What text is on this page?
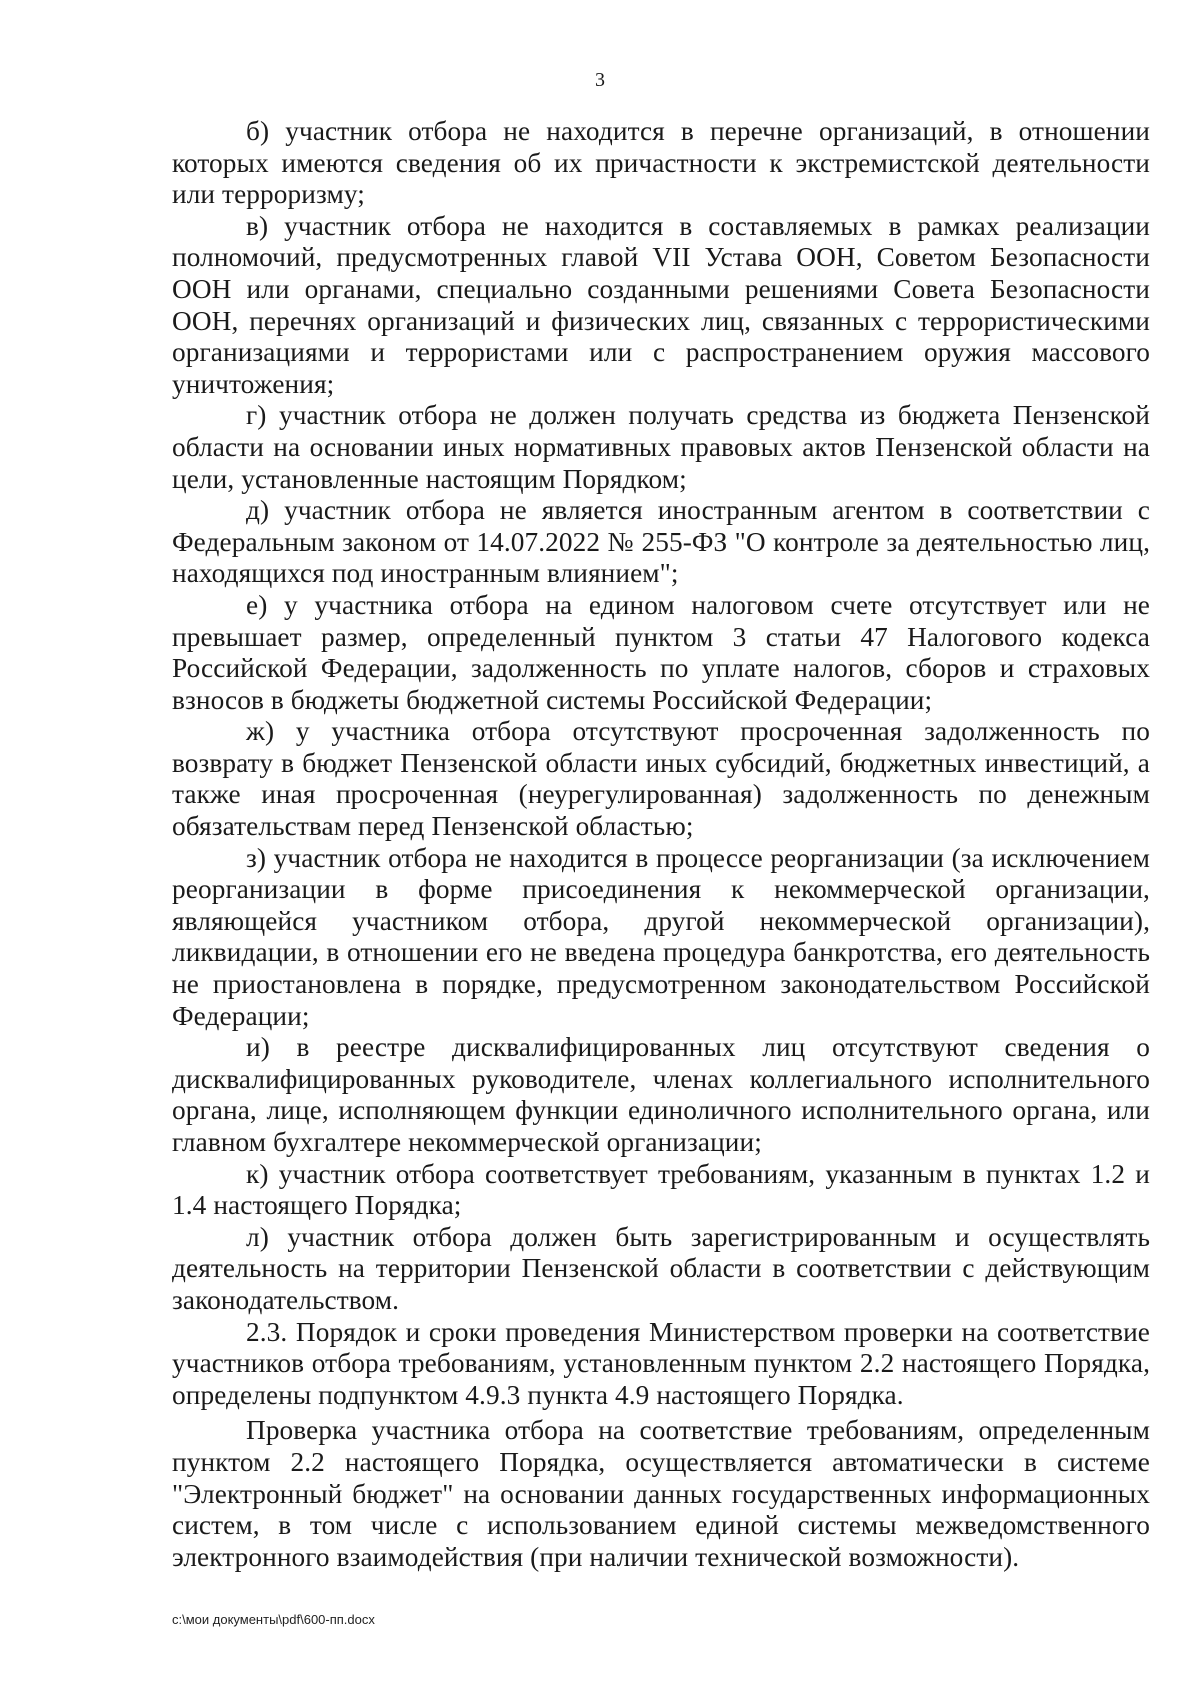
3

б) участник отбора не находится в перечне организаций, в отношении которых имеются сведения об их причастности к экстремистской деятельности или терроризму;

в) участник отбора не находится в составляемых в рамках реализации полномочий, предусмотренных главой VII Устава ООН, Советом Безопасности ООН или органами, специально созданными решениями Совета Безопасности ООН, перечнях организаций и физических лиц, связанных с террористическими организациями и террористами или с распространением оружия массового уничтожения;

г) участник отбора не должен получать средства из бюджета Пензенской области на основании иных нормативных правовых актов Пензенской области на цели, установленные настоящим Порядком;

д) участник отбора не является иностранным агентом в соответствии с Федеральным законом от 14.07.2022 № 255-ФЗ "О контроле за деятельностью лиц, находящихся под иностранным влиянием";

е) у участника отбора на едином налоговом счете отсутствует или не превышает размер, определенный пунктом 3 статьи 47 Налогового кодекса Российской Федерации, задолженность по уплате налогов, сборов и страховых взносов в бюджеты бюджетной системы Российской Федерации;

ж) у участника отбора отсутствуют просроченная задолженность по возврату в бюджет Пензенской области иных субсидий, бюджетных инвестиций, а также иная просроченная (неурегулированная) задолженность по денежным обязательствам перед Пензенской областью;

з) участник отбора не находится в процессе реорганизации (за исключением реорганизации в форме присоединения к некоммерческой организации, являющейся участником отбора, другой некоммерческой организации), ликвидации, в отношении его не введена процедура банкротства, его деятельность не приостановлена в порядке, предусмотренном законодательством Российской Федерации;

и) в реестре дисквалифицированных лиц отсутствуют сведения о дисквалифицированных руководителе, членах коллегиального исполнительного органа, лице, исполняющем функции единоличного исполнительного органа, или главном бухгалтере некоммерческой организации;

к) участник отбора соответствует требованиям, указанным в пунктах 1.2 и 1.4 настоящего Порядка;

л) участник отбора должен быть зарегистрированным и осуществлять деятельность на территории Пензенской области в соответствии с действующим законодательством.

2.3. Порядок и сроки проведения Министерством проверки на соответствие участников отбора требованиям, установленным пунктом 2.2 настоящего Порядка, определены подпунктом 4.9.3 пункта 4.9 настоящего Порядка.

Проверка участника отбора на соответствие требованиям, определенным пунктом 2.2 настоящего Порядка, осуществляется автоматически в системе "Электронный бюджет" на основании данных государственных информационных систем, в том числе с использованием единой системы межведомственного электронного взаимодействия (при наличии технической возможности).

c:\мои документы\pdf\600-пп.docx
